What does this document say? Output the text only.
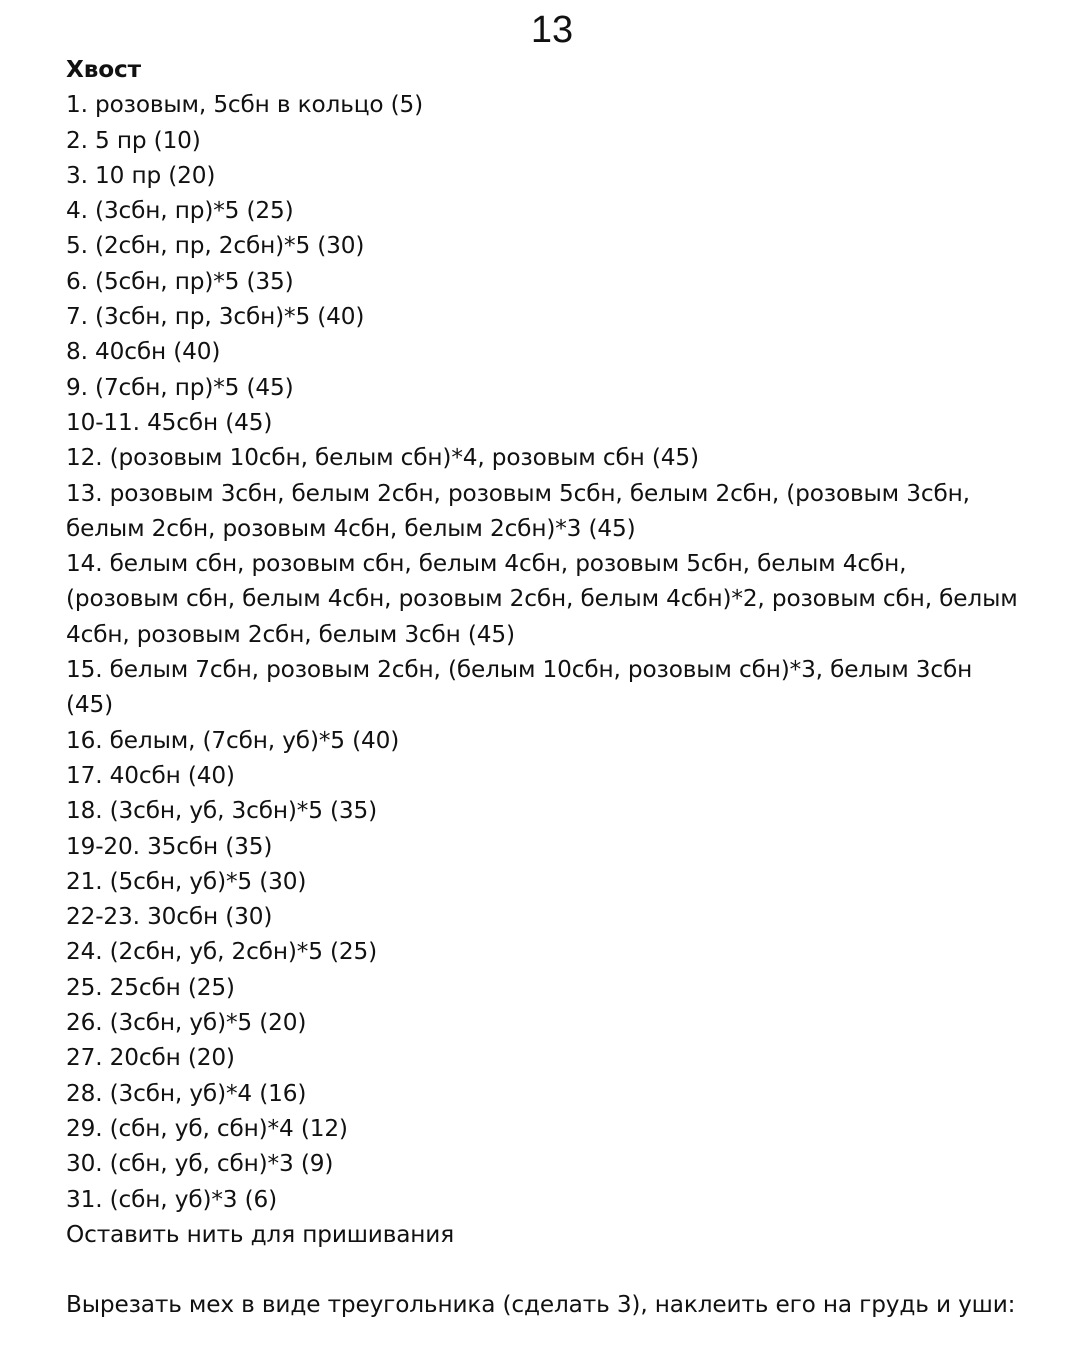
13

Хвост

1. розовым, 5сбн в кольцо (5)
2. 5 пр (10)
3. 10 пр (20)
4. (3сбн, пр)*5 (25)
5. (2сбн, пр, 2сбн)*5 (30)
6. (5сбн, пр)*5 (35)
7. (3сбн, пр, 3сбн)*5 (40)
8. 40сбн (40)
9. (7сбн, пр)*5 (45)
10-11. 45сбн (45)
12. (розовым 10сбн, белым сбн)*4, розовым сбн (45)
13. розовым 3сбн, белым 2сбн, розовым 5сбн, белым 2сбн, (розовым 3сбн, белым 2сбн, розовым 4сбн, белым 2сбн)*3 (45)
14. белым сбн, розовым сбн, белым 4сбн, розовым 5сбн, белым 4сбн, (розовым сбн, белым 4сбн, розовым 2сбн, белым 4сбн)*2, розовым сбн, белым 4сбн, розовым 2сбн, белым 3сбн (45)
15. белым 7сбн, розовым 2сбн, (белым 10сбн, розовым сбн)*3, белым 3сбн (45)
16. белым, (7сбн, уб)*5 (40)
17. 40сбн (40)
18. (3сбн, уб, 3сбн)*5 (35)
19-20. 35сбн (35)
21. (5сбн, уб)*5 (30)
22-23. 30сбн (30)
24. (2сбн, уб, 2сбн)*5 (25)
25. 25сбн (25)
26. (3сбн, уб)*5 (20)
27. 20сбн (20)
28. (3сбн, уб)*4 (16)
29. (сбн, уб, сбн)*4 (12)
30. (сбн, уб, сбн)*3 (9)
31. (сбн, уб)*3 (6)

Оставить нить для пришивания

Вырезать мех в виде треугольника (сделать 3), наклеить его на грудь и уши:
